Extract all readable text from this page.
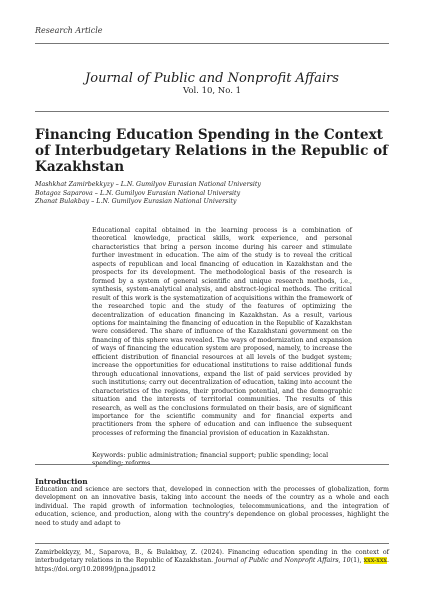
Research Article
Journal of Public and Nonprofit Affairs
Vol. 10, No. 1
Financing Education Spending in the Context of Interbudgetary Relations in the Republic of Kazakhstan
Mashkhat Zamirbekkyzy – L.N. Gumilyov Eurasian National University
Botagoz Saparova – L.N. Gumilyov Eurasian National University
Zhanat Bulakbay – L.N. Gumilyov Eurasian National University

Educational capital obtained in the learning process is a combination of theoretical knowledge, practical skills, work experience, and personal characteristics that bring a person income during his career and stimulate further investment in education. The aim of the study is to reveal the critical aspects of republican and local financing of education in Kazakhstan and the prospects for its development. The methodological basis of the research is formed by a system of general scientific and unique research methods, i.e., synthesis, system-analytical analysis, and abstract-logical methods. The critical result of this work is the systematization of acquisitions within the framework of the researched topic and the study of the features of optimizing the decentralization of education financing in Kazakhstan. As a result, various options for maintaining the financing of education in the Republic of Kazakhstan were considered. The share of influence of the Kazakhstani government on the financing of this sphere was revealed. The ways of modernization and expansion of ways of financing the education system are proposed, namely, to increase the efficient distribution of financial resources at all levels of the budget system; increase the opportunities for educational institutions to raise additional funds through educational innovations, expand the list of paid services provided by such institutions; carry out decentralization of education, taking into account the characteristics of the regions, their production potential, and the demographic situation and the interests of territorial communities. The results of this research, as well as the conclusions formulated on their basis, are of significant importance for the scientific community and for financial experts and practitioners from the sphere of education and can influence the subsequent processes of reforming the financial provision of education in Kazakhstan.

Keywords: public administration; financial support; public spending; local spending; reforms
Introduction

Education and science are sectors that, developed in connection with the processes of globalization, form development on an innovative basis, taking into account the needs of the country as a whole and each individual. The rapid growth of information technologies, telecommunications, and the integration of education, science, and production, along with the country's dependence on global processes, highlight the need to study and adapt to

Zamirbekkyzy, M., Saparova, B., & Bulakbay, Z. (2024). Financing education spending in the context of interbudgetary relations in the Republic of Kazakhstan. Journal of Public and Nonprofit Affairs, 10(1), xxx-xxx. https://doi.org/10.20899/jpna.jpsd012
